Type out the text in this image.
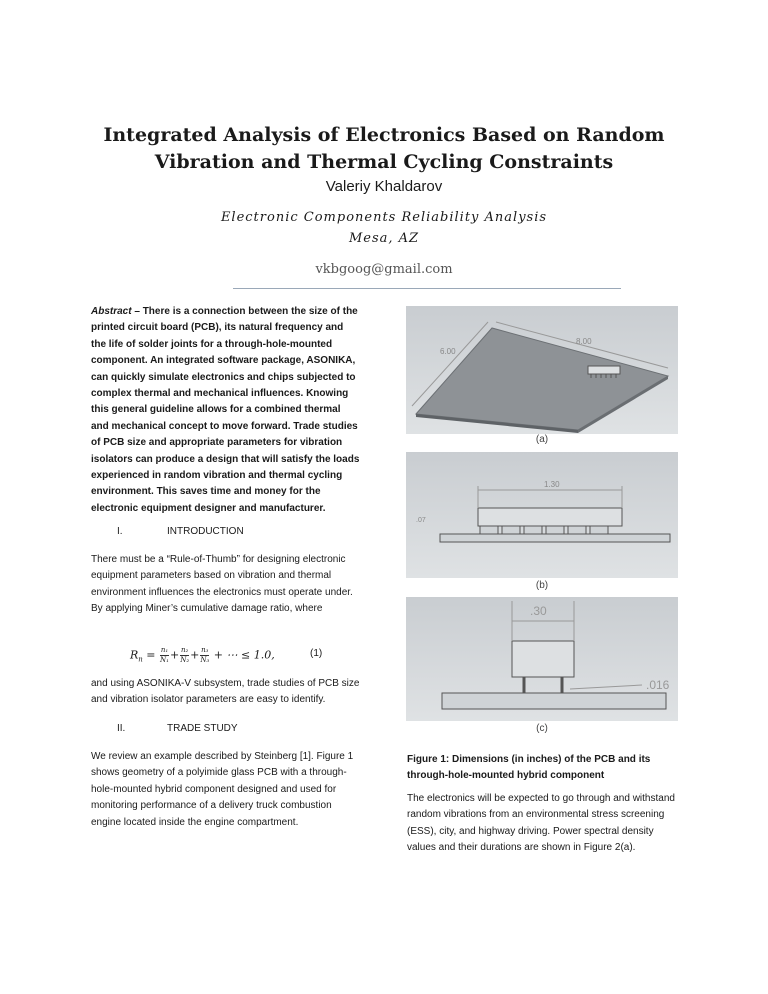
Integrated Analysis of Electronics Based on Random Vibration and Thermal Cycling Constraints
Valeriy Khaldarov
Electronic Components Reliability Analysis
Mesa, AZ
vkbgoog@gmail.com
Abstract – There is a connection between the size of the printed circuit board (PCB), its natural frequency and the life of solder joints for a through-hole-mounted component. An integrated software package, ASONIKA, can quickly simulate electronics and chips subjected to complex thermal and mechanical influences. Knowing this general guideline allows for a combined thermal and mechanical concept to move forward. Trade studies of PCB size and appropriate parameters for vibration isolators can produce a design that will satisfy the loads experienced in random vibration and thermal cycling environment. This saves time and money for the electronic equipment designer and manufacturer.
I.	INTRODUCTION
There must be a “Rule-of-Thumb” for designing electronic equipment parameters based on vibration and thermal environment influences the electronics must operate under. By applying Miner’s cumulative damage ratio, where
$R_n = \frac{\text{n₁}}{\text{N₁}} + \frac{\text{n₂}}{\text{N₂}} + \frac{\text{n₃}}{\text{N₃}}$ + ⋯ ≤ 1.0,	(1)
and using ASONIKA-V subsystem, trade studies of PCB size and vibration isolator parameters are easy to identify.
II.	TRADE STUDY
We review an example described by Steinberg [1]. Figure 1 shows geometry of a polyimide glass PCB with a through-hole-mounted hybrid component designed and used for monitoring performance of a delivery truck combustion engine located inside the engine compartment.
8.00
6.00
(a)
1.30
.07
(b)
.30
.016
(c)
Figure 1: Dimensions (in inches) of the PCB and its through-hole-mounted hybrid component
The electronics will be expected to go through and withstand random vibrations from an environmental stress screening (ESS), city, and highway driving. Power spectral density values and their durations are shown in Figure 2(a).
